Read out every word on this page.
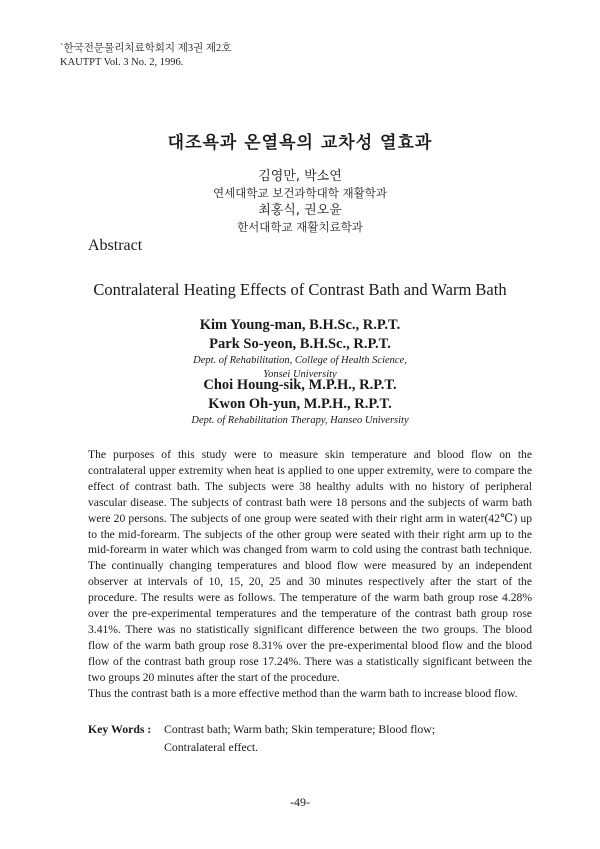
`한국전문물리치료학회지 제3권 제2호
KAUTPT Vol. 3 No. 2, 1996.
대조욕과 온열욕의 교차성 열효과
김영만, 박소연
연세대학교 보건과학대학 재활학과
최홍식, 권오윤
한서대학교 재활치료학과
Abstract
Contralateral Heating Effects of Contrast Bath and Warm Bath
Kim Young-man, B.H.Sc., R.P.T.
Park So-yeon, B.H.Sc., R.P.T.
Dept. of Rehabilitation, College of Health Science,
Yonsei University
Choi Houng-sik, M.P.H., R.P.T.
Kwon Oh-yun, M.P.H., R.P.T.
Dept. of Rehabilitation Therapy, Hanseo University

The purposes of this study were to measure skin temperature and blood flow on the contralateral upper extremity when heat is applied to one upper extremity, were to compare the effect of contrast bath. The subjects were 38 healthy adults with no history of peripheral vascular disease. The subjects of contrast bath were 18 persons and the subjects of warm bath were 20 persons. The subjects of one group were seated with their right arm in water(42℃) up to the mid-forearm. The subjects of the other group were seated with their right arm up to the mid-forearm in water which was changed from warm to cold using the contrast bath technique. The continually changing temperatures and blood flow were measured by an independent observer at intervals of 10, 15, 20, 25 and 30 minutes respectively after the start of the procedure. The results were as follows. The temperature of the warm bath group rose 4.28% over the pre-experimental temperatures and the temperature of the contrast bath group rose 3.41%. There was no statistically significant difference between the two groups. The blood flow of the warm bath group rose 8.31% over the pre-experimental blood flow and the blood flow of the contrast bath group rose 17.24%. There was a statistically significant between the two groups 20 minutes after the start of the procedure.

Thus the contrast bath is a more effective method than the warm bath to increase blood flow.

Key Words : Contrast bath; Warm bath; Skin temperature; Blood flow;
Contralateral effect.
-49-
